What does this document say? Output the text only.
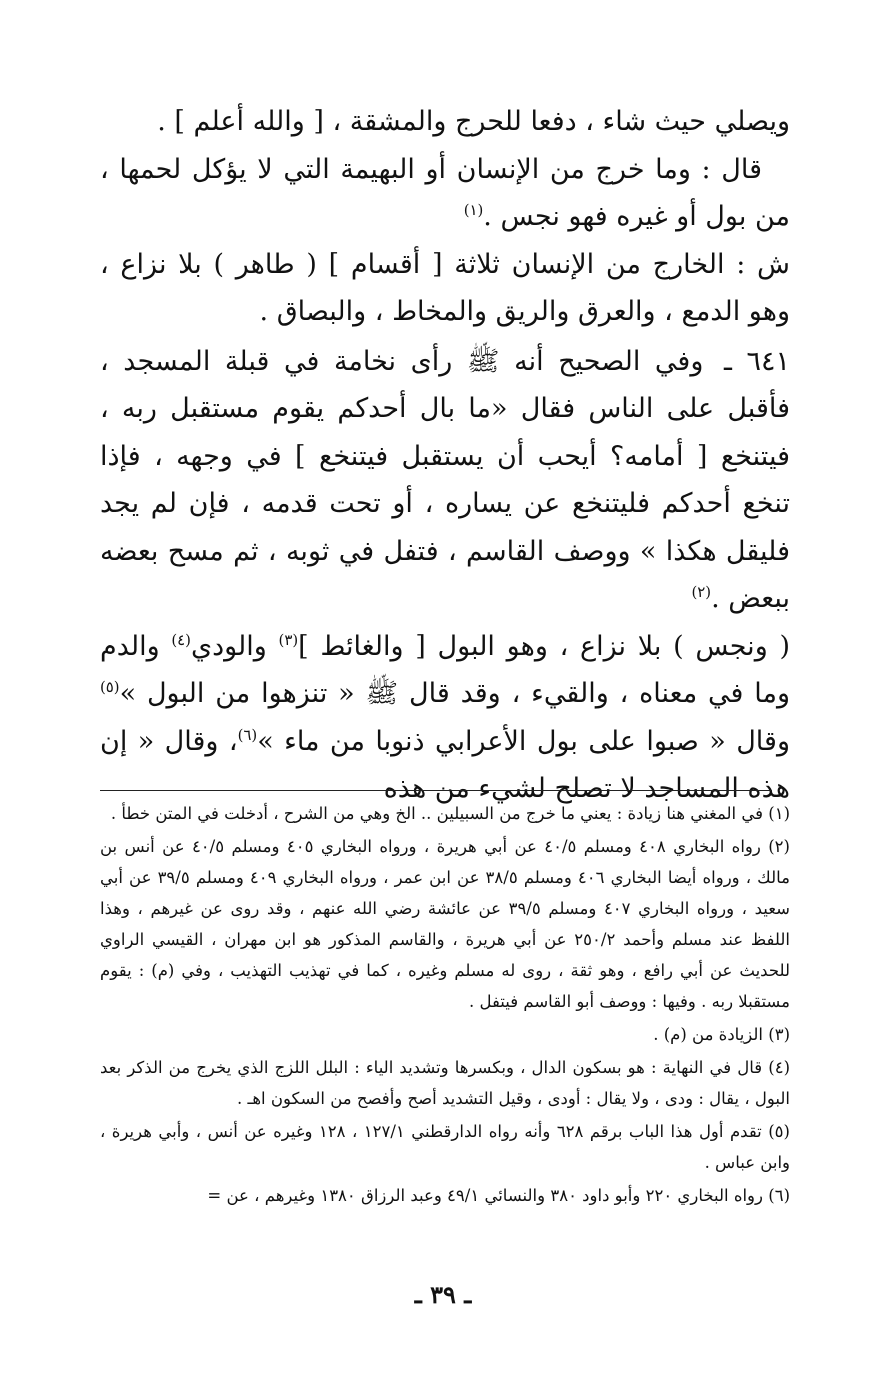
ويصلي حيث شاء ، دفعا للحرج والمشقة ، [ والله أعلم ] .

قال : وما خرج من الإنسان أو البهيمة التي لا يؤكل لحمها ، من بول أو غيره فهو نجس .$^{(١)}$

ش : الخارج من الإنسان ثلاثة [ أقسام ] ( طاهر ) بلا نزاع ، وهو الدمع ، والعرق والريق والمخاط ، والبصاق .

٦٤١ ـ وفي الصحيح أنه ﷺ رأى نخامة في قبلة المسجد ، فأقبل على الناس فقال «ما بال أحدكم يقوم مستقبل ربه ، فيتنخع [ أمامه؟ أيحب أن يستقبل فيتنخع ] في وجهه ، فإذا تنخع أحدكم فليتنخع عن يساره ، أو تحت قدمه ، فإن لم يجد فليقل هكذا » ووصف القاسم ، فتفل في ثوبه ، ثم مسح بعضه ببعض .$^{(٢)}$

( ونجس ) بلا نزاع ، وهو البول [ والغائط ]$^{(٣)}$ والودي$^{(٤)}$ والدم وما في معناه ، والقيء ، وقد قال ﷺ « تنزهوا من البول »$^{(٥)}$ وقال « صبوا على بول الأعرابي ذنوبا من ماء »$^{(٦)}$، وقال « إن هذه المساجد لا تصلح لشيء من هذه

(١) في المغني هنا زيادة : يعني ما خرج من السبيلين .. الخ وهي من الشرح ، أدخلت في المتن خطأ .

(٢) رواه البخاري ٤٠٨ ومسلم ٤٠/٥ عن أبي هريرة ، ورواه البخاري ٤٠٥ ومسلم ٤٠/٥ عن أنس بن مالك ، ورواه أيضا البخاري ٤٠٦ ومسلم ٣٨/٥ عن ابن عمر ، ورواه البخاري ٤٠٩ ومسلم ٣٩/٥ عن أبي سعيد ، ورواه البخاري ٤٠٧ ومسلم ٣٩/٥ عن عائشة رضي الله عنهم ، وقد روى عن غيرهم ، وهذا اللفظ عند مسلم وأحمد ٢٥٠/٢ عن أبي هريرة ، والقاسم المذكور هو ابن مهران ، القيسي الراوي للحديث عن أبي رافع ، وهو ثقة ، روى له مسلم وغيره ، كما في تهذيب التهذيب ، وفي (م) : يقوم مستقبلا ربه . وفيها : ووصف أبو القاسم فيتفل .

(٣) الزيادة من (م) .

(٤) قال في النهاية : هو بسكون الدال ، وبكسرها وتشديد الياء : البلل اللزج الذي يخرج من الذكر بعد البول ، يقال : ودى ، ولا يقال : أودى ، وقيل التشديد أصح وأفصح من السكون اهـ .

(٥) تقدم أول هذا الباب برقم ٦٢٨ وأنه رواه الدارقطني ١٢٧/١ ، ١٢٨ وغيره عن أنس ، وأبي هريرة ، وابن عباس .

(٦) رواه البخاري ٢٢٠ وأبو داود ٣٨٠ والنسائي ٤٩/١ وعبد الرزاق ١٣٨٠ وغيرهم ، عن =

ـ ٣٩ ـ
